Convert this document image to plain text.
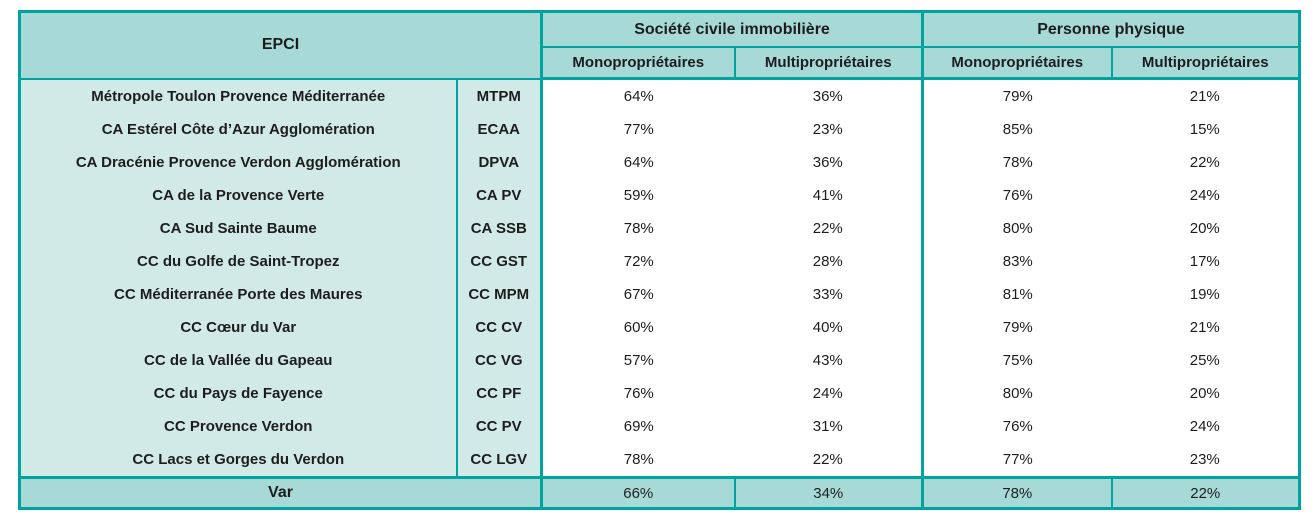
EPCI		Société civile immobilière		Personne physique	
		Monopropriétaires	Multipropriétaires	Monopropriétaires	Multipropriétaires
Métropole Toulon Provence Méditerranée	MTPM	64%	36%	79%	21%
CA Estérel Côte d’Azur Agglomération	ECAA	77%	23%	85%	15%
CA Dracénie Provence Verdon Agglomération	DPVA	64%	36%	78%	22%
CA de la Provence Verte	CA PV	59%	41%	76%	24%
CA Sud Sainte Baume	CA SSB	78%	22%	80%	20%
CC du Golfe de Saint-Tropez	CC GST	72%	28%	83%	17%
CC Méditerranée Porte des Maures	CC MPM	67%	33%	81%	19%
CC Cœur du Var	CC CV	60%	40%	79%	21%
CC de la Vallée du Gapeau	CC VG	57%	43%	75%	25%
CC du Pays de Fayence	CC PF	76%	24%	80%	20%
CC Provence Verdon	CC PV	69%	31%	76%	24%
CC Lacs et Gorges du Verdon	CC LGV	78%	22%	77%	23%
Var		66%	34%	78%	22%
